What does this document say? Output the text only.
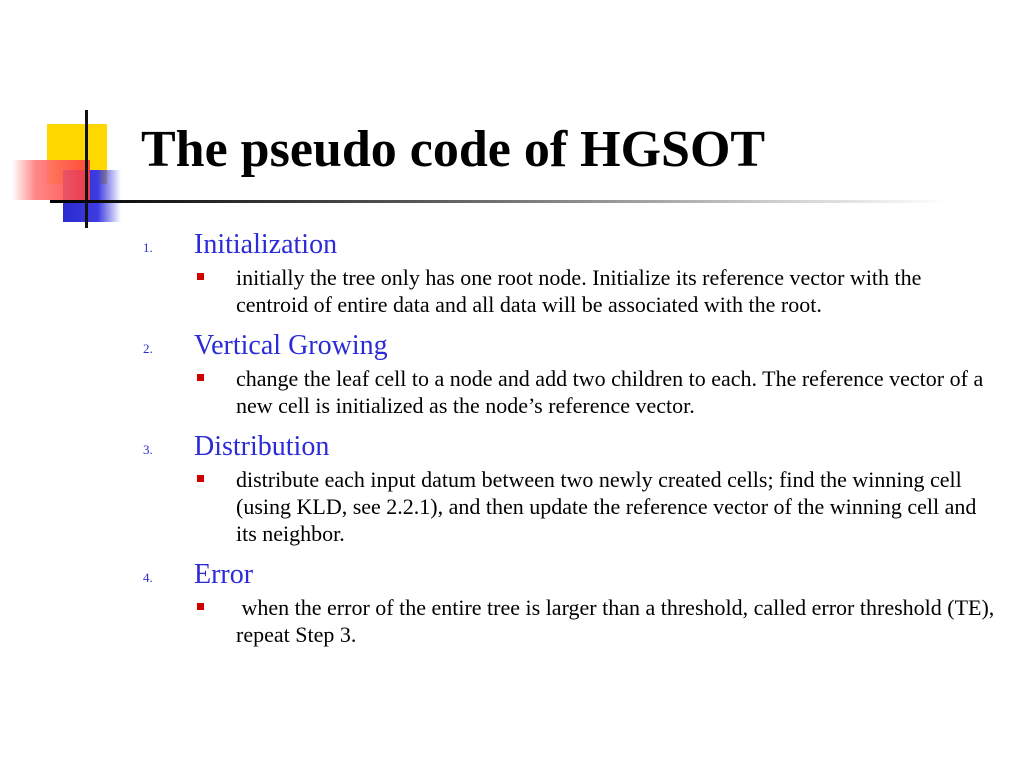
The pseudo code of HGSOT
1. Initialization
initially the tree only has one root node. Initialize its reference vector with the centroid of entire data and all data will be associated with the root.
2. Vertical Growing
change the leaf cell to a node and add two children to each. The reference vector of a new cell is initialized as the node’s reference vector.
3. Distribution
distribute each input datum between two newly created cells; find the winning cell (using KLD, see 2.2.1), and then update the reference vector of the winning cell and its neighbor.
4. Error
when the error of the entire tree is larger than a threshold, called error threshold (TE), repeat Step 3.
